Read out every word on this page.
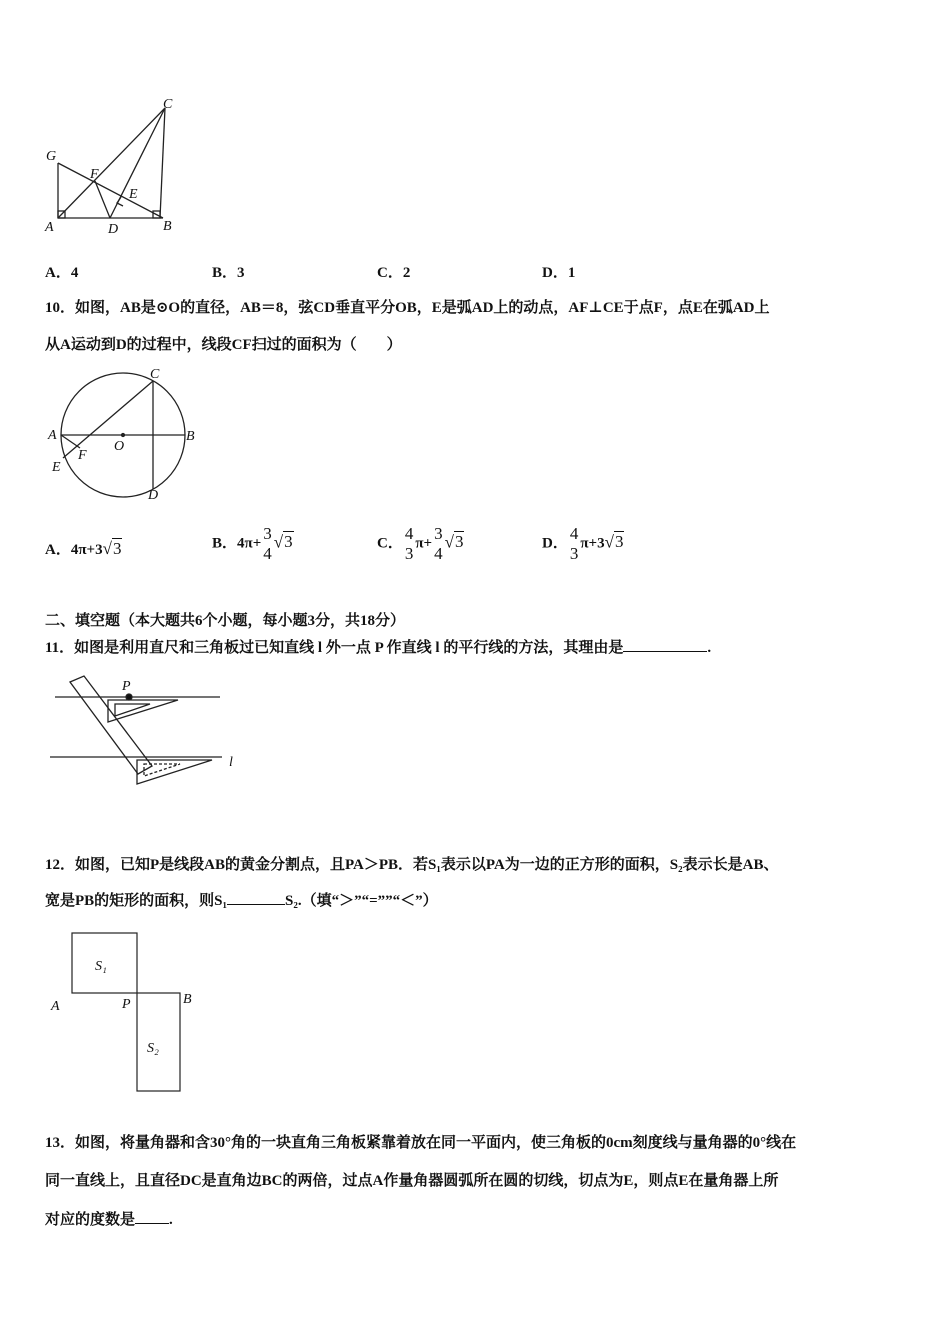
C
G
F
E
A	D	B
C
A
O
B
F
E
D
P
l
S₁
S₂
A	P	B
A．4	B．3	C．2	D．1
10．如图，AB是⊙O的直径，AB＝8，弦CD垂直平分OB，E是弧AD上的动点，AF⊥CE于点F，点E在弧AD上
从A运动到D的过程中，线段CF扫过的面积为（　　）
A．4π+3√3	B．4π+
3
4
√3	C．
4
3
π+
3
4
√3	D．
4
3
π+3√3
二、填空题（本大题共6个小题，每小题3分，共18分）
11．如图是利用直尺和三角板过已知直线 l 外一点 P 作直线 l 的平行线的方法，其理由是	.
12．如图，已知P是线段AB的黄金分割点，且PA＞PB．若S₁表示以PA为一边的正方形的面积，S₂表示长是AB、
宽是PB的矩形的面积，则S₁	S₂.（填“＞”“=””“＜”）
13．如图，将量角器和含30°角的一块直角三角板紧靠着放在同一平面内，使三角板的0cm刻度线与量角器的0°线在
同一直线上，且直径DC是直角边BC的两倍，过点A作量角器圆弧所在圆的切线，切点为E，则点E在量角器上所
对应的度数是 .
